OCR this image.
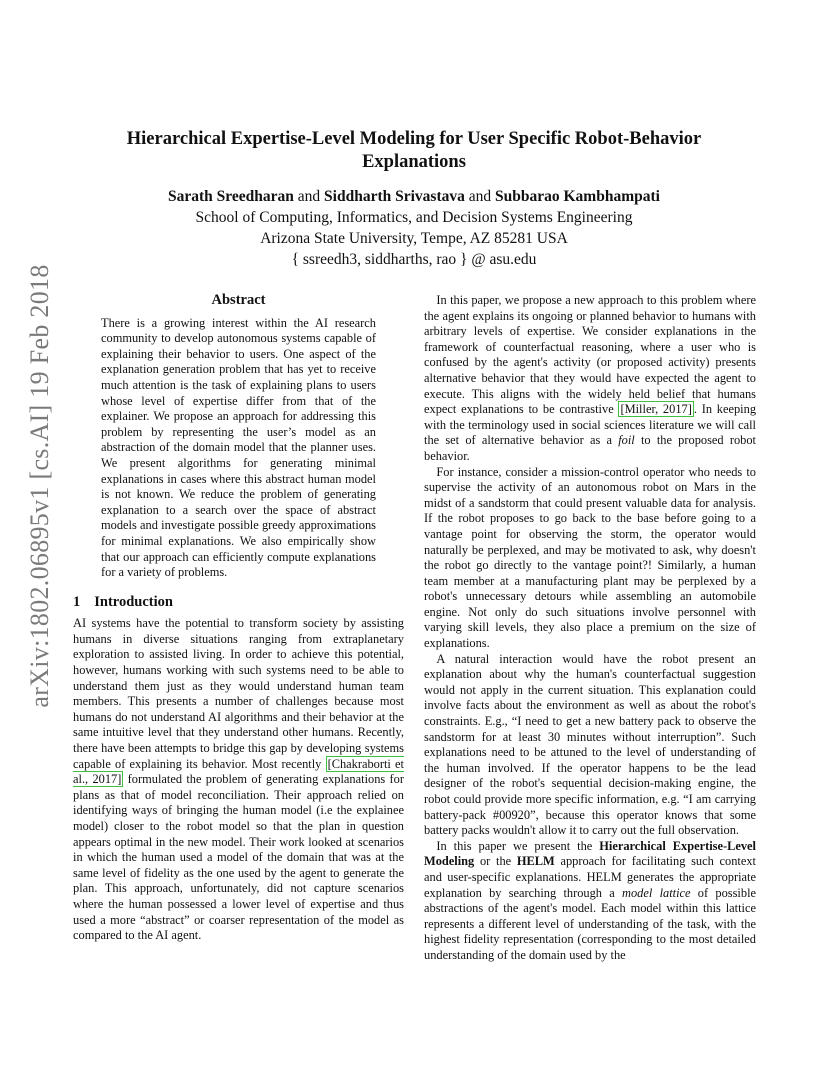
arXiv:1802.06895v1 [cs.AI] 19 Feb 2018
Hierarchical Expertise-Level Modeling for User Specific Robot-Behavior Explanations
Sarath Sreedharan and Siddharth Srivastava and Subbarao Kambhampati
School of Computing, Informatics, and Decision Systems Engineering
Arizona State University, Tempe, AZ 85281 USA
{ ssreedh3, siddharths, rao } @ asu.edu
Abstract

There is a growing interest within the AI research community to develop autonomous systems capable of explaining their behavior to users. One aspect of the explanation generation problem that has yet to receive much attention is the task of explaining plans to users whose level of expertise differ from that of the explainer. We propose an approach for addressing this problem by representing the user’s model as an abstraction of the domain model that the planner uses. We present algorithms for generating minimal explanations in cases where this abstract human model is not known. We reduce the problem of generating explanation to a search over the space of abstract models and investigate possible greedy approximations for minimal explanations. We also empirically show that our approach can efficiently compute explanations for a variety of problems.

1 Introduction

AI systems have the potential to transform society by assisting humans in diverse situations ranging from extraplanetary exploration to assisted living. In order to achieve this potential, however, humans working with such systems need to be able to understand them just as they would understand human team members. This presents a number of challenges because most humans do not understand AI algorithms and their behavior at the same intuitive level that they understand other humans. Recently, there have been attempts to bridge this gap by developing systems capable of explaining its behavior. Most recently [Chakraborti et al., 2017] formulated the problem of generating explanations for plans as that of model reconciliation. Their approach relied on identifying ways of bringing the human model (i.e the explainee model) closer to the robot model so that the plan in question appears optimal in the new model. Their work looked at scenarios in which the human used a model of the domain that was at the same level of fidelity as the one used by the agent to generate the plan. This approach, unfortunately, did not capture scenarios where the human possessed a lower level of expertise and thus used a more “abstract” or coarser representation of the model as compared to the AI agent.

In this paper, we propose a new approach to this problem where the agent explains its ongoing or planned behavior to humans with arbitrary levels of expertise. We consider explanations in the framework of counterfactual reasoning, where a user who is confused by the agent's activity (or proposed activity) presents alternative behavior that they would have expected the agent to execute. This aligns with the widely held belief that humans expect explanations to be contrastive [Miller, 2017] . In keeping with the terminology used in social sciences literature we will call the set of alternative behavior as a foil to the proposed robot behavior.

For instance, consider a mission-control operator who needs to supervise the activity of an autonomous robot on Mars in the midst of a sandstorm that could present valuable data for analysis. If the robot proposes to go back to the base before going to a vantage point for observing the storm, the operator would naturally be perplexed, and may be motivated to ask, why doesn't the robot go directly to the vantage point?! Similarly, a human team member at a manufacturing plant may be perplexed by a robot's unnecessary detours while assembling an automobile engine. Not only do such situations involve personnel with varying skill levels, they also place a premium on the size of explanations.

A natural interaction would have the robot present an explanation about why the human's counterfactual suggestion would not apply in the current situation. This explanation could involve facts about the environment as well as about the robot's constraints. E.g., “I need to get a new battery pack to observe the sandstorm for at least 30 minutes without interruption”. Such explanations need to be attuned to the level of understanding of the human involved. If the operator happens to be the lead designer of the robot's sequential decision-making engine, the robot could provide more specific information, e.g. “I am carrying battery-pack #00920”, because this operator knows that some battery packs wouldn't allow it to carry out the full observation.

In this paper we present the Hierarchical Expertise-Level Modeling or the HELM approach for facilitating such context and user-specific explanations. HELM generates the appropriate explanation by searching through a model lattice of possible abstractions of the agent's model. Each model within this lattice represents a different level of understanding of the task, with the highest fidelity representation (corresponding to the most detailed understanding of the domain used by the
